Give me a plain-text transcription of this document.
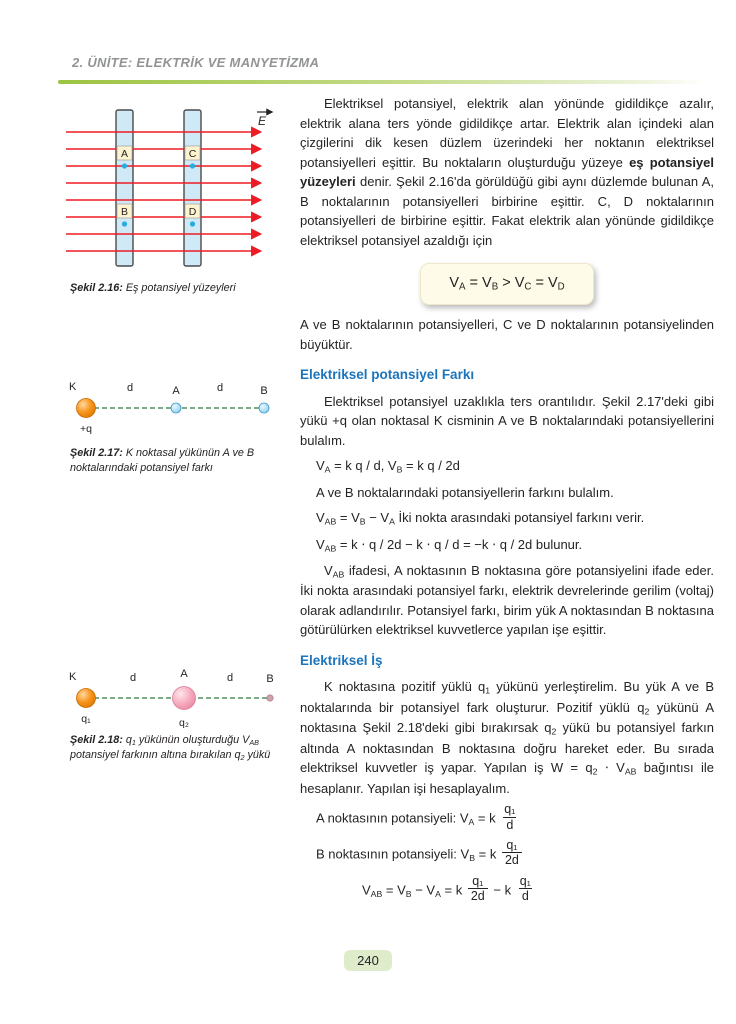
2. ÜNİTE: ELEKTRİK VE MANYETİZMA
E
A	C
B	D
Şekil 2.16: Eş potansiyel yüzeyleri
K	A	B
d	d
+q
Şekil 2.17: K noktasal yükünün A ve B noktalarındaki potansiyel farkı
K	A	B
d	d
q₁	q₂
Şekil 2.18: $q_1$ yükünün oluşturduğu $V_{AB}$ potansiyel farkının altına bırakılan $q_2$ yükü

Elektriksel potansiyel, elektrik alan yönünde gidildikçe azalır, elektrik alana ters yönde gidildikçe artar. Elektrik alan içindeki alan çizgilerini dik kesen düzlem üzerindeki her noktanın elektriksel potansiyelleri eşittir. Bu noktaların oluşturduğu yüzeye eş potansiyel yüzeyleri denir. Şekil 2.16'da görüldüğü gibi aynı düzlemde bulunan A, B noktalarının potansiyelleri birbirine eşittir. C, D noktalarının potansiyelleri de birbirine eşittir. Fakat elektrik alan yönünde gidildikçe elektriksel potansiyel azaldığı için

$V_A = V_B > V_C = V_D$

A ve B noktalarının potansiyelleri, C ve D noktalarının potansiyelinden büyüktür.

Elektriksel potansiyel Farkı

Elektriksel potansiyel uzaklıkla ters orantılıdır. Şekil 2.17'deki gibi yükü +q olan noktasal K cisminin A ve B noktalarındaki potansiyellerini bulalım.

$V_A = k$ q / d, $V_B = k$ q / 2d

A ve B noktalarındaki potansiyellerin farkını bulalım.

$V_{AB} = V_B - V_A$ İki nokta arasındaki potansiyel farkını verir.

$V_{AB} = k \cdot q / 2d - k \cdot q / d = -k \cdot q / 2d$ bulunur.

$V_{AB}$ ifadesi, A noktasının B noktasına göre potansiyelini ifade eder. İki nokta arasındaki potansiyel farkı, elektrik devrelerinde gerilim (voltaj) olarak adlandırılır. Potansiyel farkı, birim yük A noktasından B noktasına götürülürken elektriksel kuvvetlerce yapılan işe eşittir.

Elektriksel İş

K noktasına pozitif yüklü $q_1$ yükünü yerleştirelim. Bu yük A ve B noktalarında bir potansiyel fark oluşturur. Pozitif yüklü $q_2$ yükünü A noktasına Şekil 2.18'deki gibi bırakırsak $q_2$ yükü bu potansiyel farkın altında A noktasından B noktasına doğru hareket eder. Bu sırada elektriksel kuvvetler iş yapar. Yapılan iş $W = q_2 \cdot V_{AB}$ bağıntısı ile hesaplanır. Yapılan işi hesaplayalım.

A noktasının potansiyeli: $V_A = k \frac{\text{q₁}}{d}$

B noktasının potansiyeli: $V_B = k \frac{\text{q₁}}{2d}$

$V_{AB} = V_B - V_A = k \frac{\text{q₁}}{2d} - k \frac{\text{q₁}}{d}$

240
